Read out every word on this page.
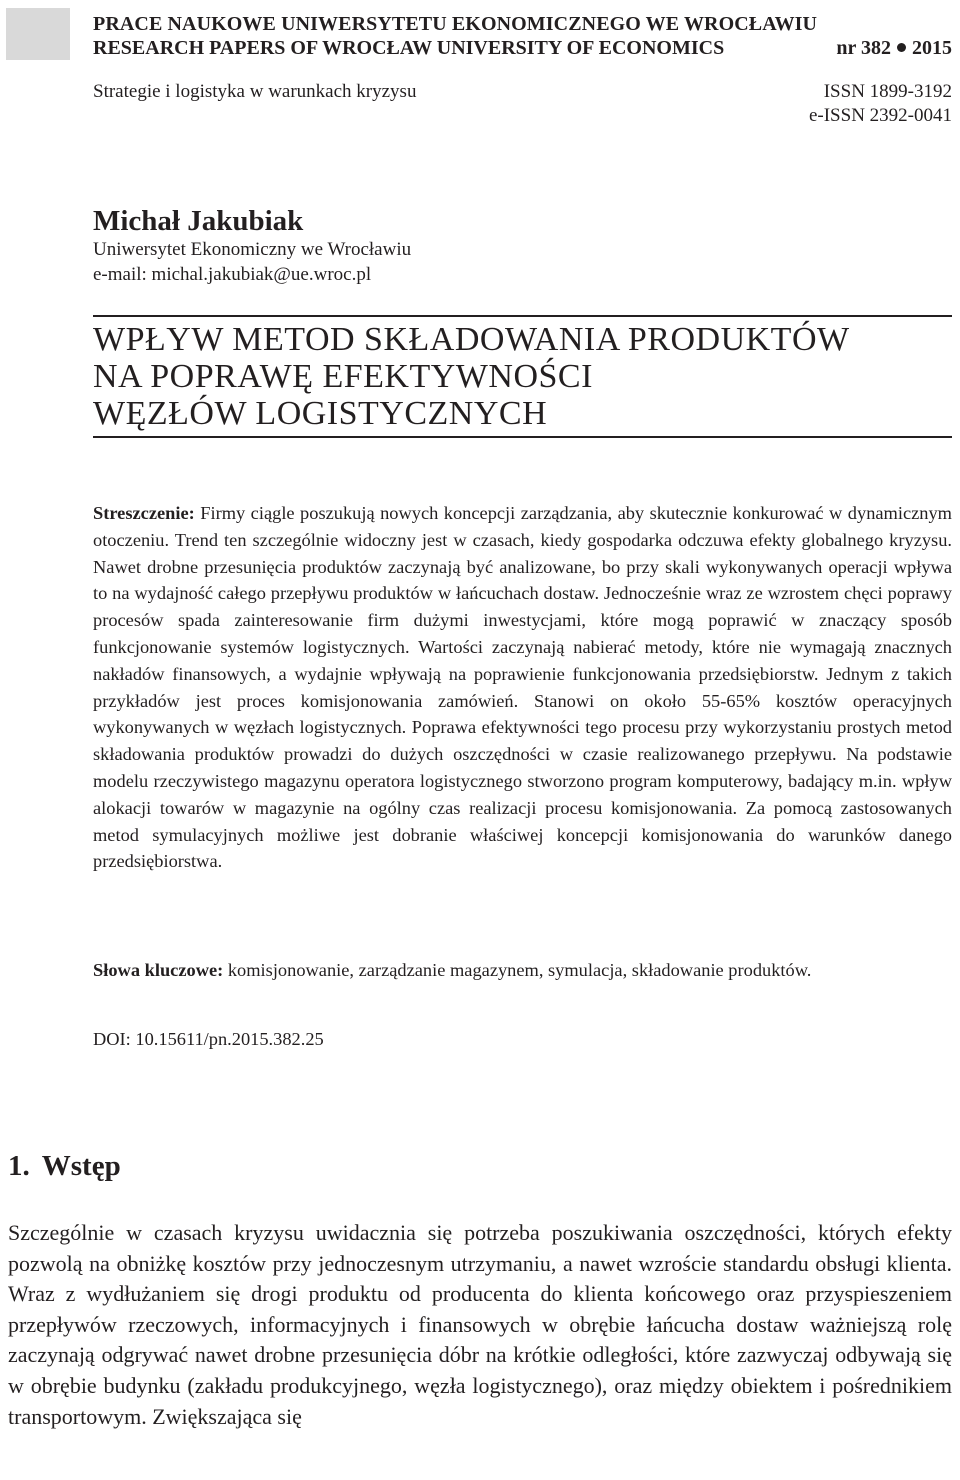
PRACE NAUKOWE UNIWERSYTETU EKONOMICZNEGO WE WROCŁAWIU
RESEARCH PAPERS OF WROCŁAW UNIVERSITY OF ECONOMICS	nr 382 2015
Strategie i logistyka w warunkach kryzysu	ISSN 1899-3192
e-ISSN 2392-0041
Michał Jakubiak
Uniwersytet Ekonomiczny we Wrocławiu
e-mail: michal.jakubiak@ue.wroc.pl
WPŁYW METOD SKŁADOWANIA PRODUKTÓW
NA POPRAWĘ EFEKTYWNOŚCI
WĘZŁÓW LOGISTYCZNYCH
Streszczenie: Firmy ciągle poszukują nowych koncepcji zarządzania, aby skutecznie konkurować w dynamicznym otoczeniu. Trend ten szczególnie widoczny jest w czasach, kiedy gospodarka odczuwa efekty globalnego kryzysu. Nawet drobne przesunięcia produktów zaczynają być analizowane, bo przy skali wykonywanych operacji wpływa to na wydajność całego przepływu produktów w łańcuchach dostaw. Jednocześnie wraz ze wzrostem chęci poprawy procesów spada zainteresowanie firm dużymi inwestycjami, które mogą poprawić w znaczący sposób funkcjonowanie systemów logistycznych. Wartości zaczynają nabierać metody, które nie wymagają znacznych nakładów finansowych, a wydajnie wpływają na poprawienie funkcjonowania przedsiębiorstw. Jednym z takich przykładów jest proces komisjonowania zamówień. Stanowi on około 55-65% kosztów operacyjnych wykonywanych w węzłach logistycznych. Poprawa efektywności tego procesu przy wykorzystaniu prostych metod składowania produktów prowadzi do dużych oszczędności w czasie realizowanego przepływu. Na podstawie modelu rzeczywistego magazynu operatora logistycznego stworzono program komputerowy, badający m.in. wpływ alokacji towarów w magazynie na ogólny czas realizacji procesu komisjonowania. Za pomocą zastosowanych metod symulacyjnych możliwe jest dobranie właściwej koncepcji komisjonowania do warunków danego przedsiębiorstwa.
Słowa kluczowe: komisjonowanie, zarządzanie magazynem, symulacja, składowanie produktów.
DOI: 10.15611/pn.2015.382.25
1. Wstęp
Szczególnie w czasach kryzysu uwidacznia się potrzeba poszukiwania oszczędności, których efekty pozwolą na obniżkę kosztów przy jednoczesnym utrzymaniu, a nawet wzroście standardu obsługi klienta. Wraz z wydłużaniem się drogi produktu od producenta do klienta końcowego oraz przyspieszeniem przepływów rzeczowych, informacyjnych i finansowych w obrębie łańcucha dostaw ważniejszą rolę zaczynają odgrywać nawet drobne przesunięcia dóbr na krótkie odległości, które zazwyczaj odbywają się w obrębie budynku (zakładu produkcyjnego, węzła logistycznego), oraz między obiektem i pośrednikiem transportowym. Zwiększająca się
